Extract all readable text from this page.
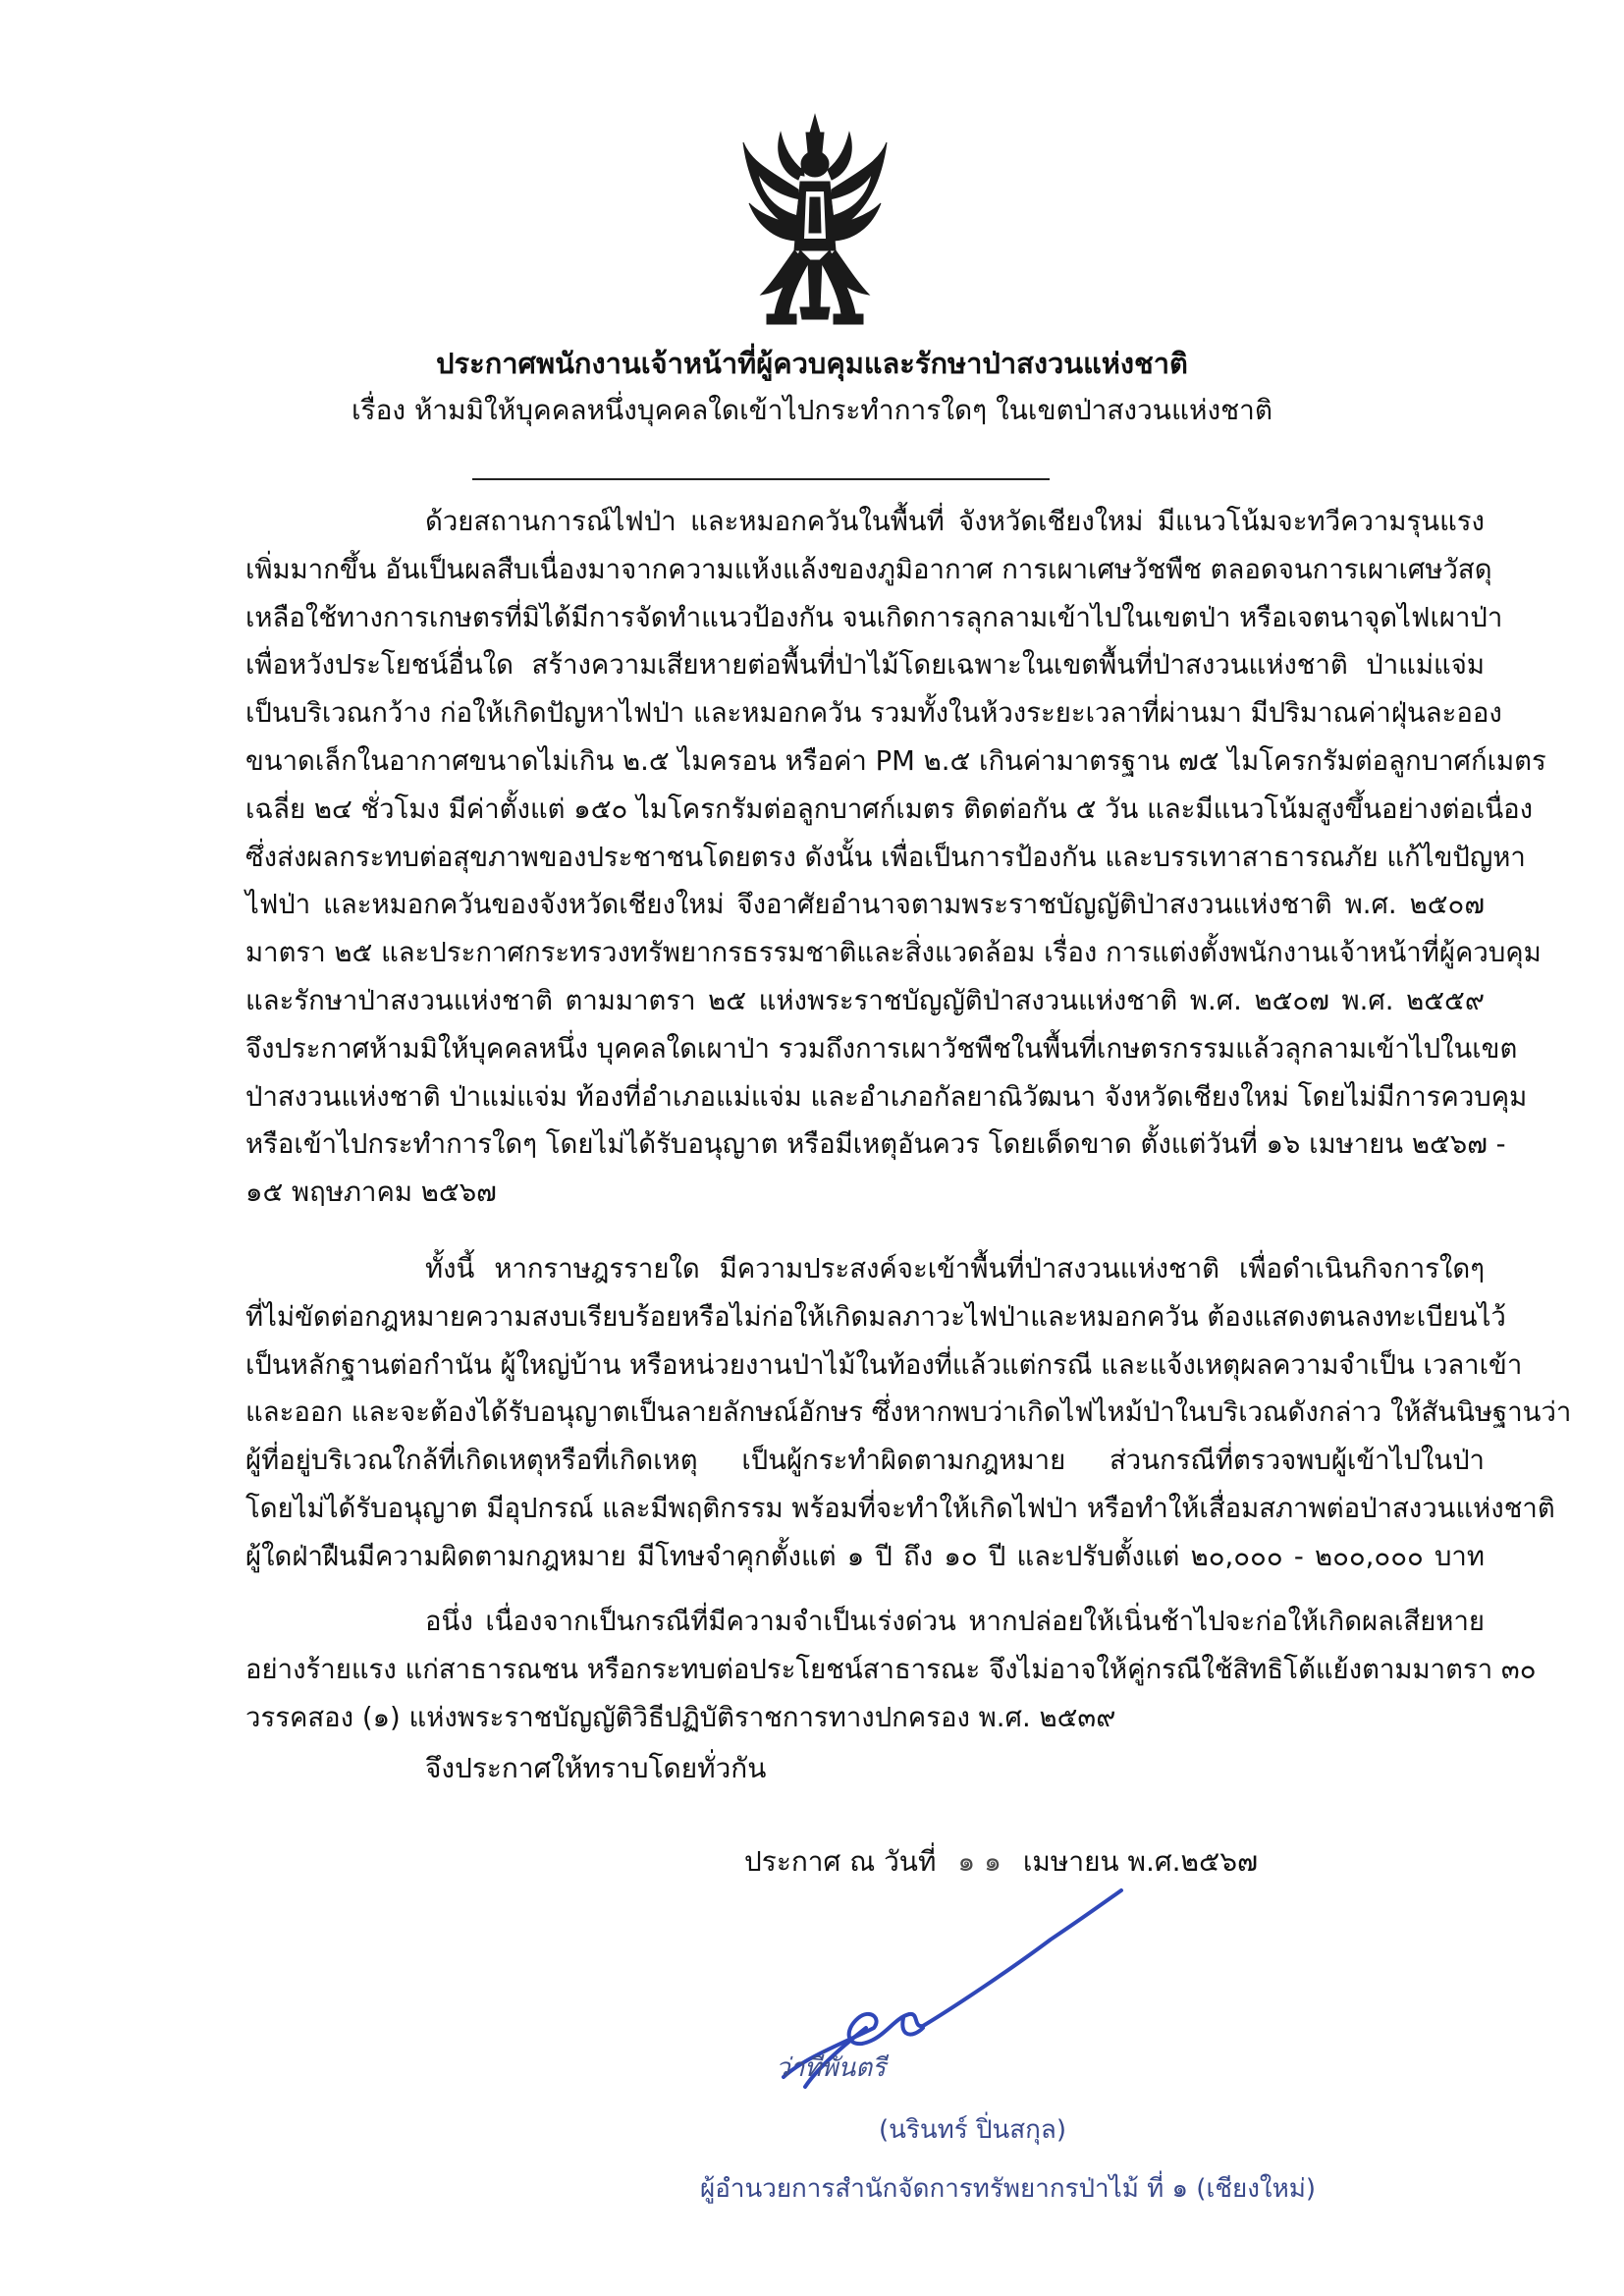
ประกาศพนักงานเจ้าหน้าที่ผู้ควบคุมและรักษาป่าสงวนแห่งชาติ
เรื่อง ห้ามมิให้บุคคลหนึ่งบุคคลใดเข้าไปกระทำการใดๆ ในเขตป่าสงวนแห่งชาติ
ด้วยสถานการณ์ไฟป่า และหมอกควันในพื้นที่ จังหวัดเชียงใหม่ มีแนวโน้มจะทวีความรุนแรง
เพิ่มมากขึ้น อันเป็นผลสืบเนื่องมาจากความแห้งแล้งของภูมิอากาศ การเผาเศษวัชพืช ตลอดจนการเผาเศษวัสดุ
เหลือใช้ทางการเกษตรที่มิได้มีการจัดทำแนวป้องกัน จนเกิดการลุกลามเข้าไปในเขตป่า หรือเจตนาจุดไฟเผาป่า
เพื่อหวังประโยชน์อื่นใด สร้างความเสียหายต่อพื้นที่ป่าไม้โดยเฉพาะในเขตพื้นที่ป่าสงวนแห่งชาติ ป่าแม่แจ่ม
เป็นบริเวณกว้าง ก่อให้เกิดปัญหาไฟป่า และหมอกควัน รวมทั้งในห้วงระยะเวลาที่ผ่านมา มีปริมาณค่าฝุ่นละออง
ขนาดเล็กในอากาศขนาดไม่เกิน ๒.๕ ไมครอน หรือค่า PM ๒.๕ เกินค่ามาตรฐาน ๗๕ ไมโครกรัมต่อลูกบาศก์เมตร
เฉลี่ย ๒๔ ชั่วโมง มีค่าตั้งแต่ ๑๕๐ ไมโครกรัมต่อลูกบาศก์เมตร ติดต่อกัน ๕ วัน และมีแนวโน้มสูงขึ้นอย่างต่อเนื่อง
ซึ่งส่งผลกระทบต่อสุขภาพของประชาชนโดยตรง ดังนั้น เพื่อเป็นการป้องกัน และบรรเทาสาธารณภัย แก้ไขปัญหา
ไฟป่า และหมอกควันของจังหวัดเชียงใหม่ จึงอาศัยอำนาจตามพระราชบัญญัติป่าสงวนแห่งชาติ พ.ศ. ๒๕๐๗
มาตรา ๒๕ และประกาศกระทรวงทรัพยากรธรรมชาติและสิ่งแวดล้อม เรื่อง การแต่งตั้งพนักงานเจ้าหน้าที่ผู้ควบคุม
และรักษาป่าสงวนแห่งชาติ ตามมาตรา ๒๕ แห่งพระราชบัญญัติป่าสงวนแห่งชาติ พ.ศ. ๒๕๐๗ พ.ศ. ๒๕๕๙
จึงประกาศห้ามมิให้บุคคลหนึ่ง บุคคลใดเผาป่า รวมถึงการเผาวัชพืชในพื้นที่เกษตรกรรมแล้วลุกลามเข้าไปในเขต
ป่าสงวนแห่งชาติ ป่าแม่แจ่ม ท้องที่อำเภอแม่แจ่ม และอำเภอกัลยาณิวัฒนา จังหวัดเชียงใหม่ โดยไม่มีการควบคุม
หรือเข้าไปกระทำการใดๆ โดยไม่ได้รับอนุญาต หรือมีเหตุอันควร โดยเด็ดขาด ตั้งแต่วันที่ ๑๖ เมษายน ๒๕๖๗ -
๑๕ พฤษภาคม ๒๕๖๗
ทั้งนี้ หากราษฎรรายใด มีความประสงค์จะเข้าพื้นที่ป่าสงวนแห่งชาติ เพื่อดำเนินกิจการใดๆ
ที่ไม่ขัดต่อกฎหมายความสงบเรียบร้อยหรือไม่ก่อให้เกิดมลภาวะไฟป่าและหมอกควัน ต้องแสดงตนลงทะเบียนไว้
เป็นหลักฐานต่อกำนัน ผู้ใหญ่บ้าน หรือหน่วยงานป่าไม้ในท้องที่แล้วแต่กรณี และแจ้งเหตุผลความจำเป็น เวลาเข้า
และออก และจะต้องได้รับอนุญาตเป็นลายลักษณ์อักษร ซึ่งหากพบว่าเกิดไฟไหม้ป่าในบริเวณดังกล่าว ให้สันนิษฐานว่า
ผู้ที่อยู่บริเวณใกล้ที่เกิดเหตุหรือที่เกิดเหตุ เป็นผู้กระทำผิดตามกฎหมาย ส่วนกรณีที่ตรวจพบผู้เข้าไปในป่า
โดยไม่ได้รับอนุญาต มีอุปกรณ์ และมีพฤติกรรม พร้อมที่จะทำให้เกิดไฟป่า หรือทำให้เสื่อมสภาพต่อป่าสงวนแห่งชาติ
ผู้ใดฝ่าฝืนมีความผิดตามกฎหมาย มีโทษจำคุกตั้งแต่ ๑ ปี ถึง ๑๐ ปี และปรับตั้งแต่ ๒๐,๐๐๐ - ๒๐๐,๐๐๐ บาท
อนึ่ง เนื่องจากเป็นกรณีที่มีความจำเป็นเร่งด่วน หากปล่อยให้เนิ่นช้าไปจะก่อให้เกิดผลเสียหาย
อย่างร้ายแรง แก่สาธารณชน หรือกระทบต่อประโยชน์สาธารณะ จึงไม่อาจให้คู่กรณีใช้สิทธิโต้แย้งตามมาตรา ๓๐
วรรคสอง (๑) แห่งพระราชบัญญัติวิธีปฏิบัติราชการทางปกครอง พ.ศ. ๒๕๓๙
จึงประกาศให้ทราบโดยทั่วกัน
ประกาศ ณ วันที่ ๑ ๑ เมษายน พ.ศ.๒๕๖๗
ว่าที่พันตรี
(นรินทร์ ปิ่นสกุล)
ผู้อำนวยการสำนักจัดการทรัพยากรป่าไม้ ที่ ๑ (เชียงใหม่)
